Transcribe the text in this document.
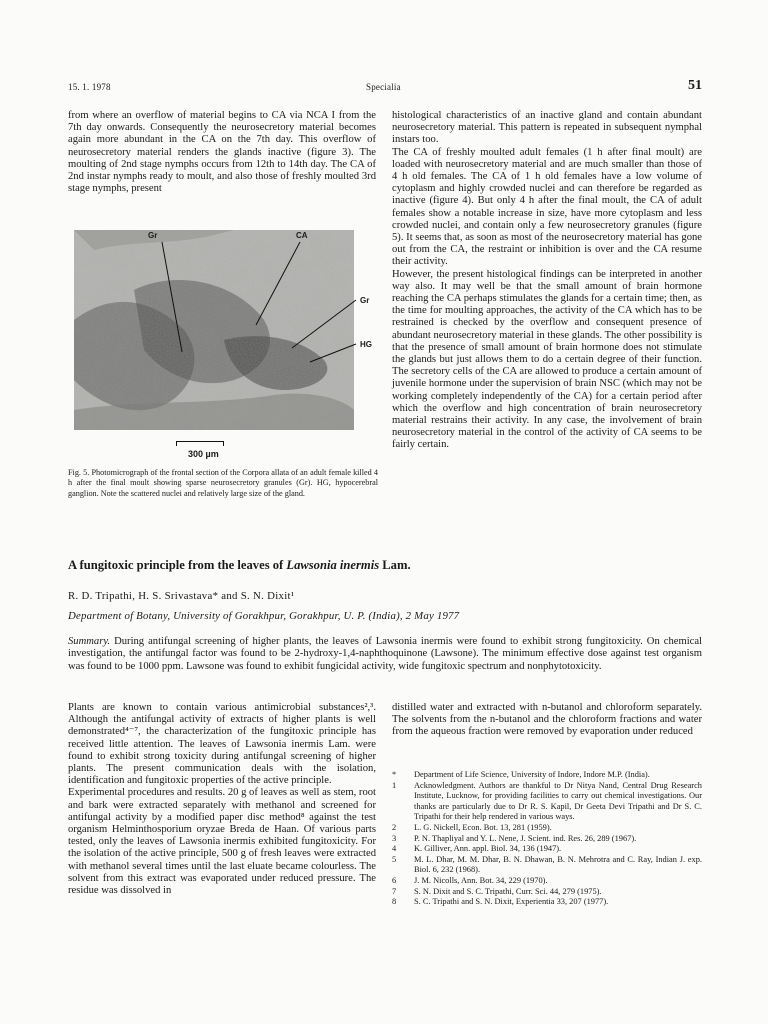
15. 1. 1978	Specialia	51
from where an overflow of material begins to CA via NCA I from the 7th day onwards. Consequently the neurosecretory material becomes again more abundant in the CA on the 7th day. This overflow of neurosecretory material renders the glands inactive (figure 3). The moulting of 2nd stage nymphs occurs from 12th to 14th day. The CA of 2nd instar nymphs ready to moult, and also those of freshly moulted 3rd stage nymphs, present
Gr	CA
Gr
HG
300 µm
Fig. 5. Photomicrograph of the frontal section of the Corpora allata of an adult female killed 4 h after the final moult showing sparse neurosecretory granules (Gr). HG, hypocerebral ganglion. Note the scattered nuclei and relatively large size of the gland.

histological characteristics of an inactive gland and contain abundant neurosecretory material. This pattern is repeated in subsequent nymphal instars too.

The CA of freshly moulted adult females (1 h after final moult) are loaded with neurosecretory material and are much smaller than those of 4 h old females. The CA of 1 h old females have a low volume of cytoplasm and highly crowded nuclei and can therefore be regarded as inactive (figure 4). But only 4 h after the final moult, the CA of adult females show a notable increase in size, have more cytoplasm and less crowded nuclei, and contain only a few neurosecretory granules (figure 5). It seems that, as soon as most of the neurosecretory material has gone out from the CA, the restraint or inhibition is over and the CA resume their activity.

However, the present histological findings can be interpreted in another way also. It may well be that the small amount of brain hormone reaching the CA perhaps stimulates the glands for a certain time; then, as the time for moulting approaches, the activity of the CA which has to be restrained is checked by the overflow and consequent presence of abundant neurosecretory material in these glands. The other possibility is that the presence of small amount of brain hormone does not stimulate the glands but just allows them to do a certain degree of their function. The secretory cells of the CA are allowed to produce a certain amount of juvenile hormone under the supervision of brain NSC (which may not be working completely independently of the CA) for a certain period after which the overflow and high concentration of brain neurosecretory material restrains their activity. In any case, the involvement of brain neurosecretory material in the control of the activity of CA seems to be fairly certain.

A fungitoxic principle from the leaves of Lawsonia inermis Lam.
R. D. Tripathi, H. S. Srivastava* and S. N. Dixit¹
Department of Botany, University of Gorakhpur, Gorakhpur, U. P. (India), 2 May 1977
Summary. During antifungal screening of higher plants, the leaves of Lawsonia inermis were found to exhibit strong fungitoxicity. On chemical investigation, the antifungal factor was found to be 2-hydroxy-1,4-naphthoquinone (Lawsone). The minimum effective dose against test organism was found to be 1000 ppm. Lawsone was found to exhibit fungicidal activity, wide fungitoxic spectrum and nonphytotoxicity.

Plants are known to contain various antimicrobial substances²,³. Although the antifungal activity of extracts of higher plants is well demonstrated⁴⁻⁷, the characterization of the fungitoxic principle has received little attention. The leaves of Lawsonia inermis Lam. were found to exhibit strong toxicity during antifungal screening of higher plants. The present communication deals with the isolation, identification and fungitoxic properties of the active principle.

Experimental procedures and results. 20 g of leaves as well as stem, root and bark were extracted separately with methanol and screened for antifungal activity by a modified paper disc method⁸ against the test organism Helminthosporium oryzae Breda de Haan. Of various parts tested, only the leaves of Lawsonia inermis exhibited fungitoxicity. For the isolation of the active principle, 500 g of fresh leaves were extracted with methanol several times until the last eluate became colourless. The solvent from this extract was evaporated under reduced pressure. The residue was dissolved in

distilled water and extracted with n-butanol and chloroform separately. The solvents from the n-butanol and the chloroform fractions and water from the aqueous fraction were removed by evaporation under reduced
*	Department of Life Science, University of Indore, Indore M.P. (India).
1	Acknowledgment. Authors are thankful to Dr Nitya Nand, Central Drug Research Institute, Lucknow, for providing facilities to carry out chemical investigations. Our thanks are particularly due to Dr R. S. Kapil, Dr Geeta Devi Tripathi and Dr S. C. Tripathi for their help rendered in various ways.
2	L. G. Nickell, Econ. Bot. 13, 281 (1959).
3	P. N. Thapliyal and Y. L. Nene, J. Scient. ind. Res. 26, 289 (1967).
4	K. Gilliver, Ann. appl. Biol. 34, 136 (1947).
5	M. L. Dhar, M. M. Dhar, B. N. Dhawan, B. N. Mehrotra and C. Ray, Indian J. exp. Biol. 6, 232 (1968).
6	J. M. Nicolls, Ann. Bot. 34, 229 (1970).
7	S. N. Dixit and S. C. Tripathi, Curr. Sci. 44, 279 (1975).
8	S. C. Tripathi and S. N. Dixit, Experientia 33, 207 (1977).
